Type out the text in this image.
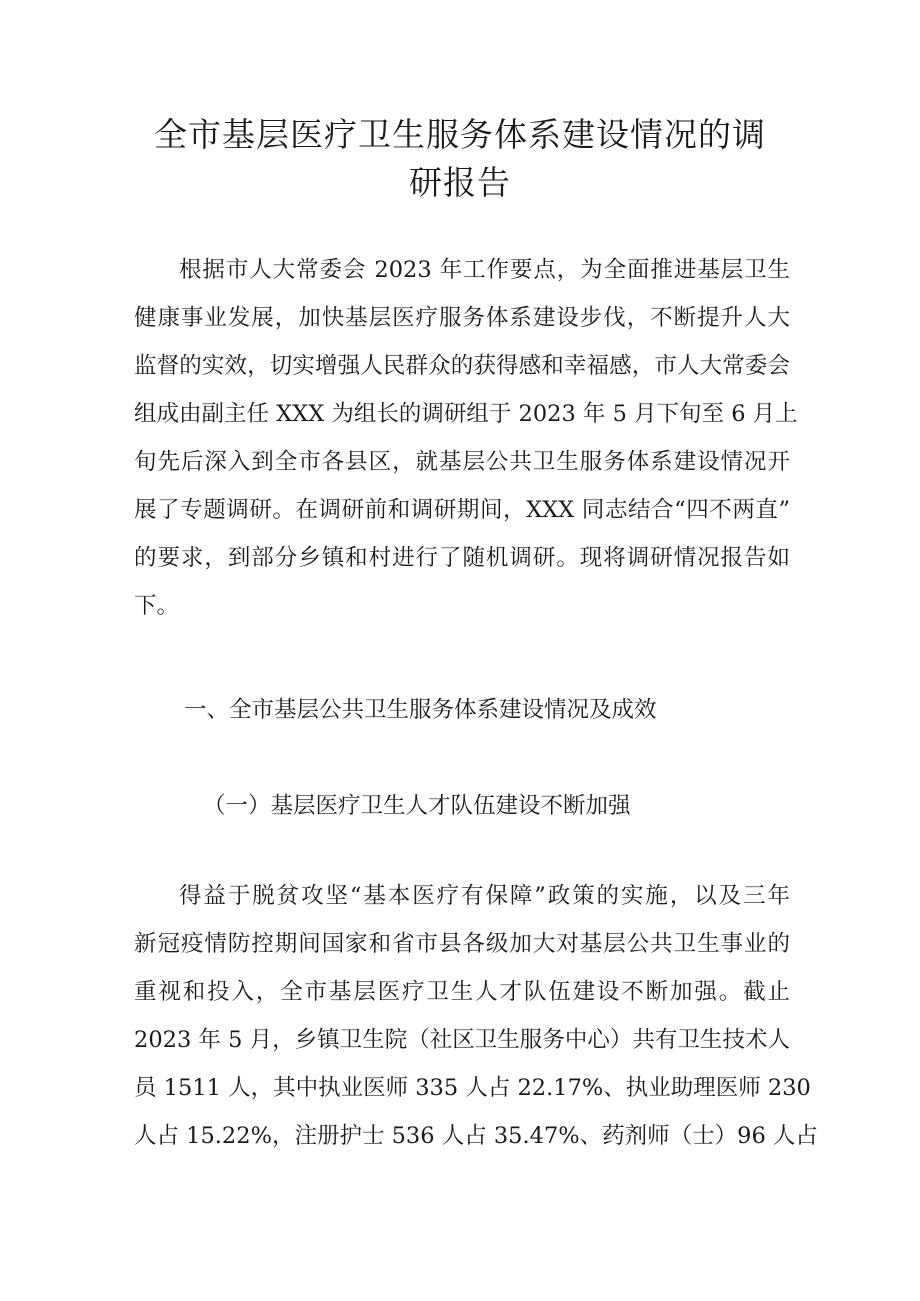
全市基层医疗卫生服务体系建设情况的调
研报告
根据市人大常委会 2023 年工作要点，为全面推进基层卫生
健康事业发展，加快基层医疗服务体系建设步伐，不断提升人大
监督的实效，切实增强人民群众的获得感和幸福感，市人大常委会
组成由副主任 XXX 为组长的调研组于 2023 年 5 月下旬至 6 月上
旬先后深入到全市各县区，就基层公共卫生服务体系建设情况开
展了专题调研。在调研前和调研期间，XXX 同志结合“四不两直”
的要求，到部分乡镇和村进行了随机调研。现将调研情况报告如
下。
一、全市基层公共卫生服务体系建设情况及成效
（一）基层医疗卫生人才队伍建设不断加强
得益于脱贫攻坚“基本医疗有保障”政策的实施，以及三年
新冠疫情防控期间国家和省市县各级加大对基层公共卫生事业的
重视和投入，全市基层医疗卫生人才队伍建设不断加强。截止
2023 年 5 月，乡镇卫生院（社区卫生服务中心）共有卫生技术人
员 1511 人，其中执业医师 335 人占 22.17%、执业助理医师 230
人占 15.22%，注册护士 536 人占 35.47%、药剂师（士）96 人占
